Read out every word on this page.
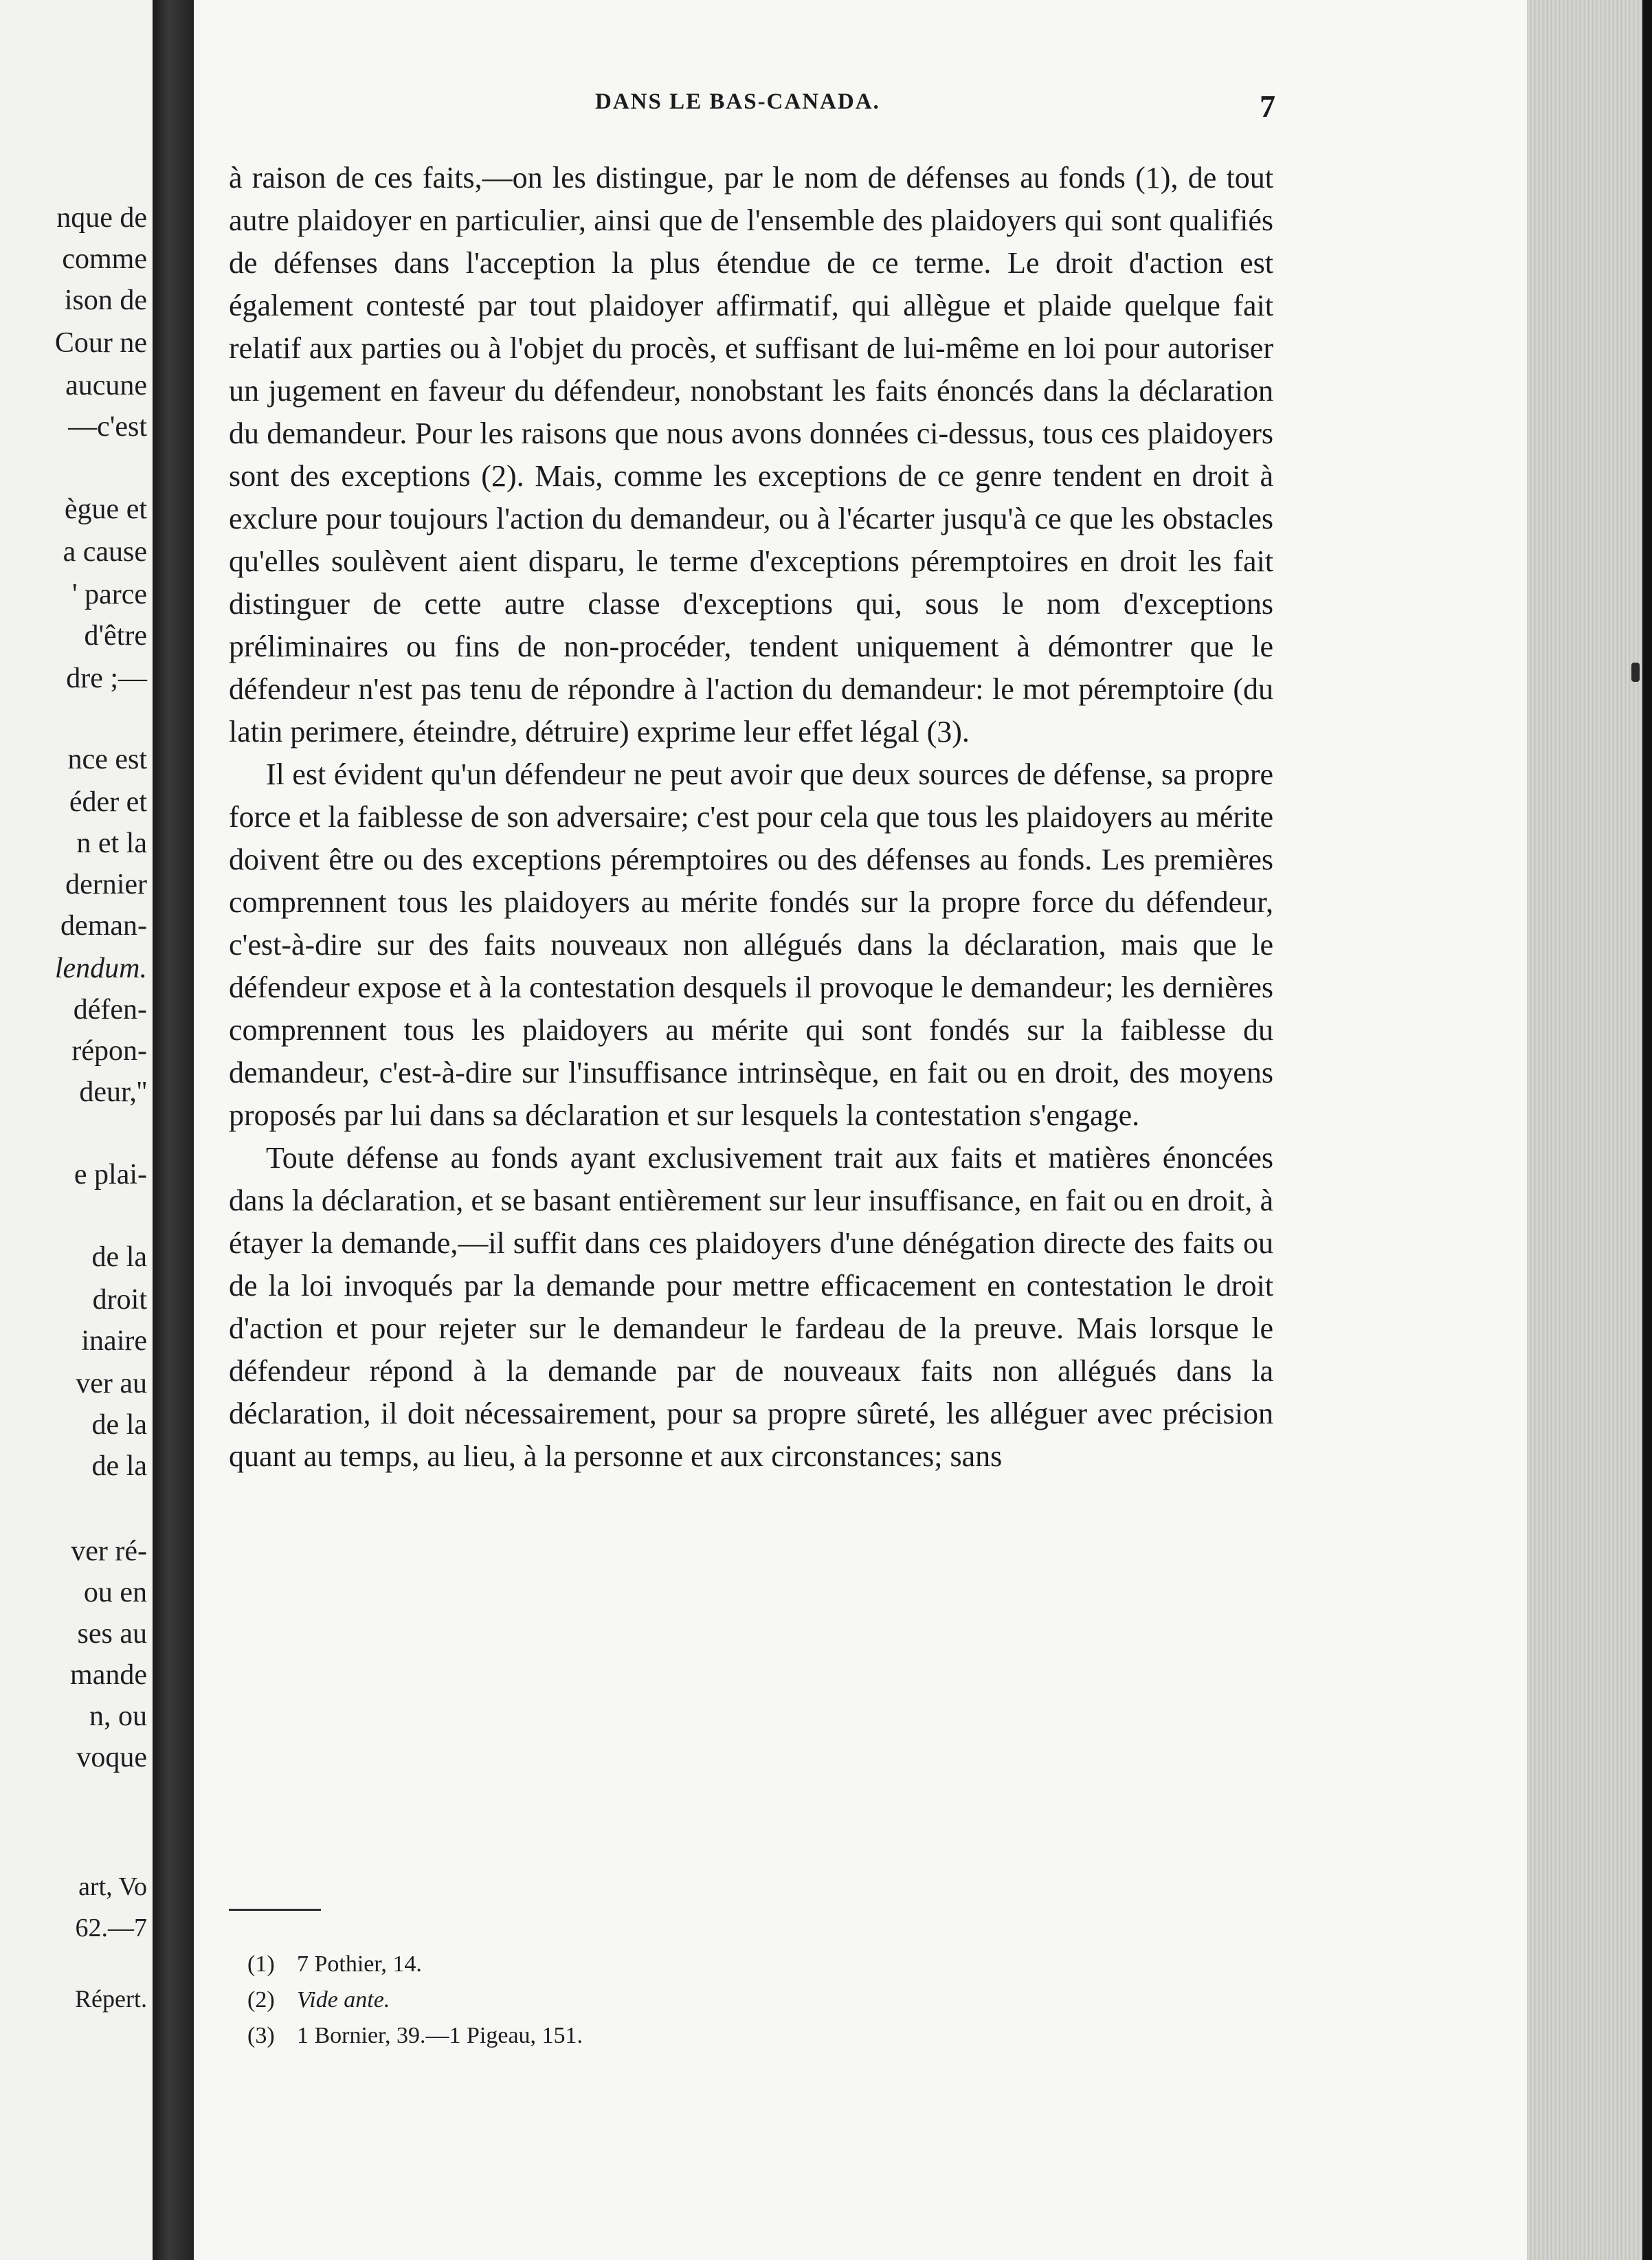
nque de
comme
ison de
Cour ne
aucune
—c'est
ègue et
a cause
' parce
d'être
dre ;—
nce est
éder et
n et la
dernier
deman-
lendum.
défen-
répon-
deur,''
e plai-
de la
droit
inaire
ver au
de la
de la
ver ré-
ou en
ses au
mande
n, ou
voque
art, Vo
62.—7
Répert.
DANS LE BAS-CANADA.	7

à raison de ces faits,—on les distingue, par le nom de défenses au fonds (1), de tout autre plaidoyer en particulier, ainsi que de l'ensemble des plaidoyers qui sont qualifiés de défenses dans l'acception la plus étendue de ce terme. Le droit d'action est également contesté par tout plaidoyer affirmatif, qui allègue et plaide quelque fait relatif aux parties ou à l'objet du procès, et suffisant de lui-même en loi pour autoriser un jugement en faveur du défendeur, nonobstant les faits énoncés dans la déclaration du demandeur. Pour les raisons que nous avons données ci-dessus, tous ces plaidoyers sont des exceptions (2). Mais, comme les exceptions de ce genre tendent en droit à exclure pour toujours l'action du demandeur, ou à l'écarter jusqu'à ce que les obstacles qu'elles soulèvent aient disparu, le terme d'exceptions péremptoires en droit les fait distinguer de cette autre classe d'exceptions qui, sous le nom d'exceptions préliminaires ou fins de non-procéder, tendent uniquement à démontrer que le défendeur n'est pas tenu de répondre à l'action du demandeur: le mot péremptoire (du latin perimere, éteindre, détruire) exprime leur effet légal (3).

Il est évident qu'un défendeur ne peut avoir que deux sources de défense, sa propre force et la faiblesse de son adversaire; c'est pour cela que tous les plaidoyers au mérite doivent être ou des exceptions péremptoires ou des défenses au fonds. Les premières comprennent tous les plaidoyers au mérite fondés sur la propre force du défendeur, c'est-à-dire sur des faits nouveaux non allégués dans la déclaration, mais que le défendeur expose et à la contestation desquels il provoque le demandeur; les dernières comprennent tous les plaidoyers au mérite qui sont fondés sur la faiblesse du demandeur, c'est-à-dire sur l'insuffisance intrinsèque, en fait ou en droit, des moyens proposés par lui dans sa déclaration et sur lesquels la contestation s'engage.

Toute défense au fonds ayant exclusivement trait aux faits et matières énoncées dans la déclaration, et se basant entièrement sur leur insuffisance, en fait ou en droit, à étayer la demande,—il suffit dans ces plaidoyers d'une dénégation directe des faits ou de la loi invoqués par la demande pour mettre efficacement en contestation le droit d'action et pour rejeter sur le demandeur le fardeau de la preuve. Mais lorsque le défendeur répond à la demande par de nouveaux faits non allégués dans la déclaration, il doit nécessairement, pour sa propre sûreté, les alléguer avec précision quant au temps, au lieu, à la personne et aux circonstances; sans

(1) 7 Pothier, 14.
(2) Vide ante.
(3) 1 Bornier, 39.—1 Pigeau, 151.
